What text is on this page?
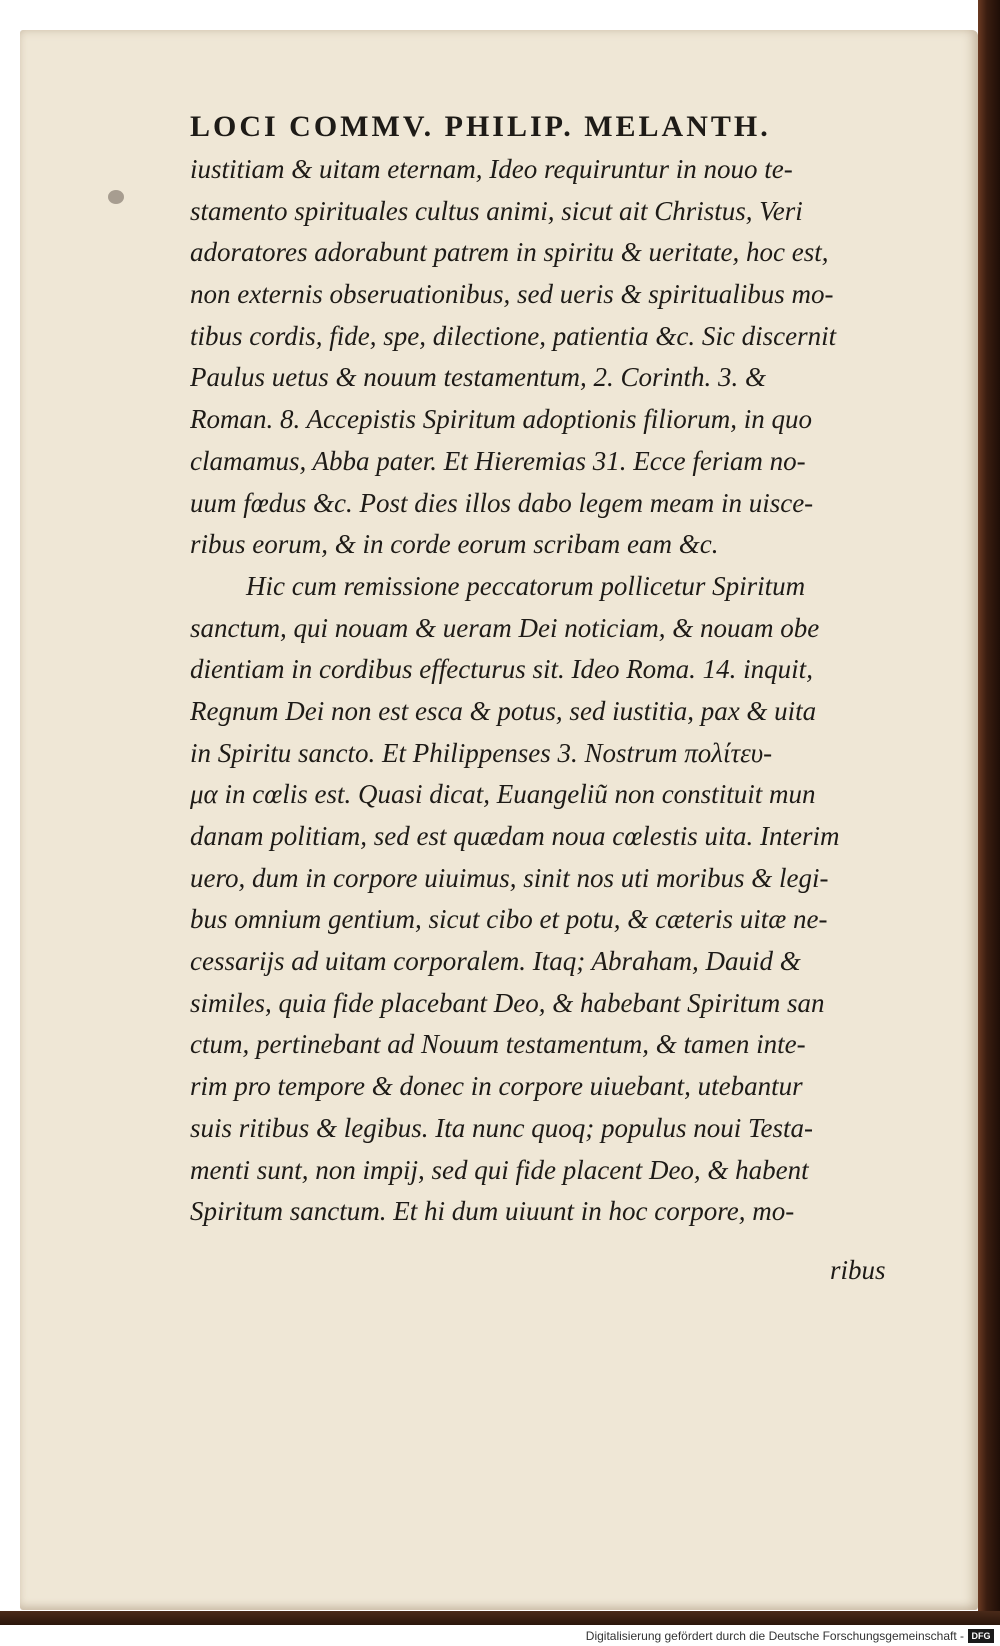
LOCI COMMV. PHILIP. MELANTH.
iustitiam & uitam eternam, Ideo requiruntur in nouo te-
stamento spirituales cultus animi, sicut ait Christus, Veri
adoratores adorabunt patrem in spiritu & ueritate, hoc est,
non externis obseruationibus, sed ueris & spiritualibus mo-
tibus cordis, fide, spe, dilectione, patientia &c. Sic discernit
Paulus uetus & nouum testamentum, 2. Corinth. 3. &
Roman. 8. Accepistis Spiritum adoptionis filiorum, in quo
clamamus, Abba pater. Et Hieremias 31. Ecce feriam no-
uum fœdus &c. Post dies illos dabo legem meam in uisce-
ribus eorum, & in corde eorum scribam eam &c.
Hic cum remissione peccatorum pollicetur Spiritum
sanctum, qui nouam & ueram Dei noticiam, & nouam obe
dientiam in cordibus effecturus sit. Ideo Roma. 14. inquit,
Regnum Dei non est esca & potus, sed iustitia, pax & uita
in Spiritu sancto. Et Philippenses 3. Nostrum πολίτευ-
μα in cœlis est. Quasi dicat, Euangeliũ non constituit mun
danam politiam, sed est quædam noua cœlestis uita. Interim
uero, dum in corpore uiuimus, sinit nos uti moribus & legi-
bus omnium gentium, sicut cibo et potu, & cæteris uitæ ne-
cessarijs ad uitam corporalem. Itaq; Abraham, Dauid &
similes, quia fide placebant Deo, & habebant Spiritum san
ctum, pertinebant ad Nouum testamentum, & tamen inte-
rim pro tempore & donec in corpore uiuebant, utebantur
suis ritibus & legibus. Ita nunc quoq; populus noui Testa-
menti sunt, non impij, sed qui fide placent Deo, & habent
Spiritum sanctum. Et hi dum uiuunt in hoc corpore, mo-
ribus
Digitalisierung gefördert durch die Deutsche Forschungsgemeinschaft - DFG
